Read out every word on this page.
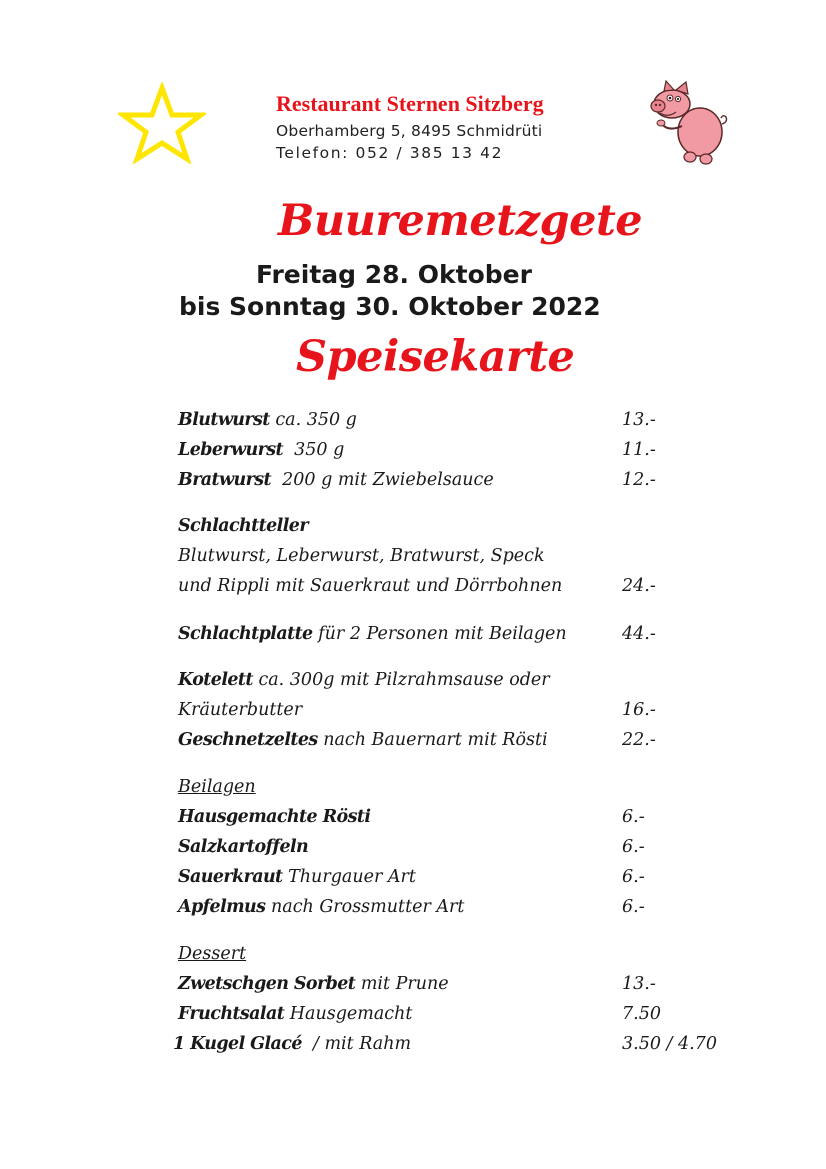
Restaurant Sternen Sitzberg
Oberhamberg 5, 8495 Schmidrüti
Telefon: 052 / 385 13 42
Buuremetzgete
Freitag 28. Oktober
bis Sonntag 30. Oktober 2022
Speisekarte
Blutwurst ca. 350 g	13.-
Leberwurst  350 g	11.-
Bratwurst  200 g mit Zwiebelsauce	12.-
Schlachtteller
Blutwurst, Leberwurst, Bratwurst, Speck
und Rippli mit Sauerkraut und Dörrbohnen	24.-
Schlachtplatte für 2 Personen mit Beilagen	44.-
Kotelett ca. 300g mit Pilzrahmsause oder
Kräuterbutter	16.-
Geschnetzeltes nach Bauernart mit Rösti	22.-
Beilagen
Hausgemachte Rösti	6.-
Salzkartoffeln	6.-
Sauerkraut Thurgauer Art	6.-
Apfelmus nach Grossmutter Art	6.-
Dessert
Zwetschgen Sorbet mit Prune	13.-
Fruchtsalat Hausgemacht	7.50
1 Kugel Glacé  / mit Rahm	3.50 / 4.70
